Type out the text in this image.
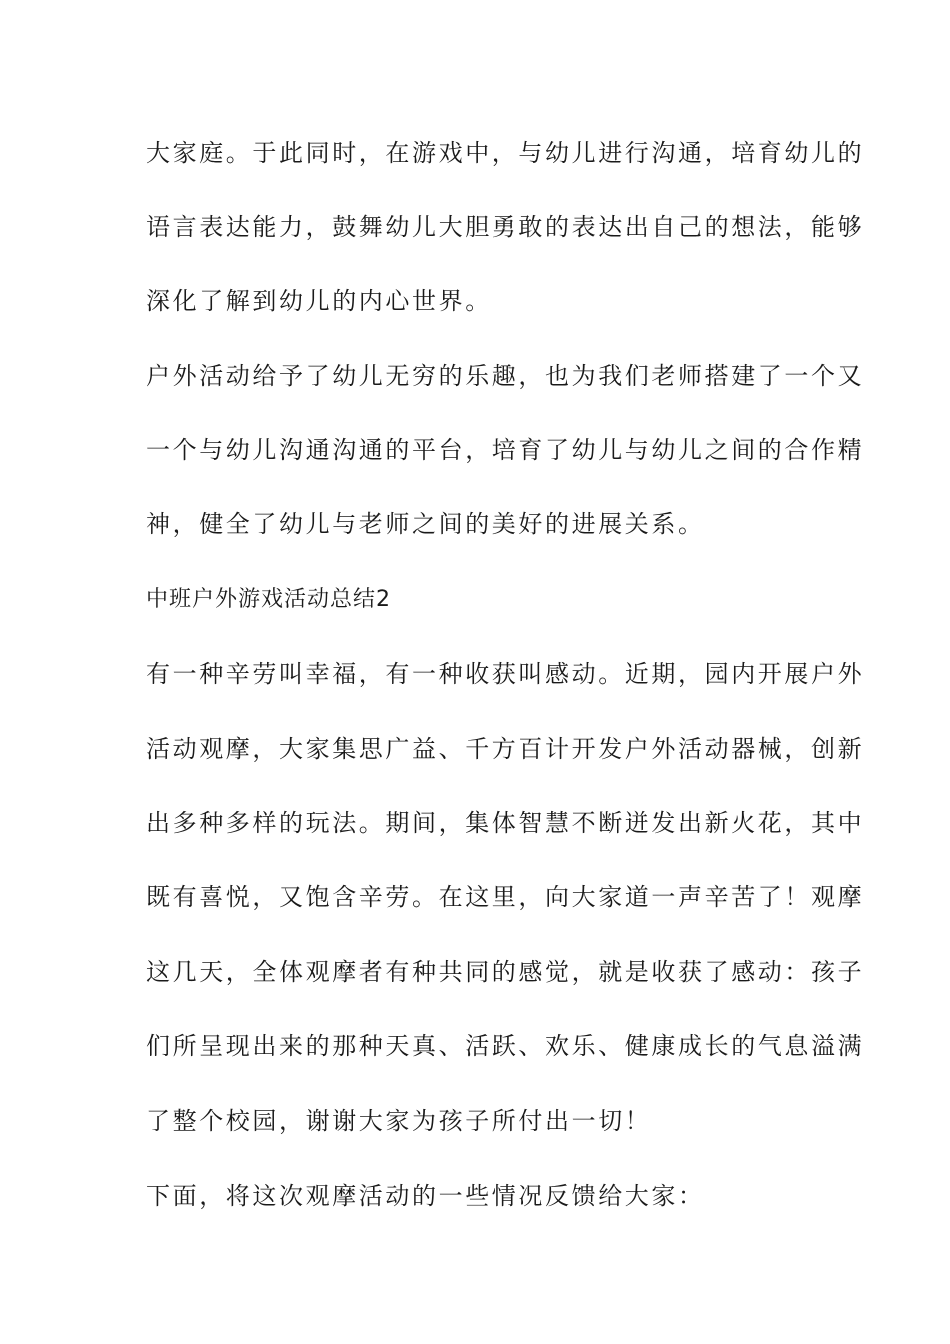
大家庭。于此同时，在游戏中，与幼儿进行沟通，培育幼儿的
语言表达能力，鼓舞幼儿大胆勇敢的表达出自己的想法，能够
深化了解到幼儿的内心世界。
户外活动给予了幼儿无穷的乐趣，也为我们老师搭建了一个又
一个与幼儿沟通沟通的平台，培育了幼儿与幼儿之间的合作精
神，健全了幼儿与老师之间的美好的进展关系。
中班户外游戏活动总结2
有一种辛劳叫幸福，有一种收获叫感动。近期，园内开展户外
活动观摩，大家集思广益、千方百计开发户外活动器械，创新
出多种多样的玩法。期间，集体智慧不断迸发出新火花，其中
既有喜悦，又饱含辛劳。在这里，向大家道一声辛苦了！观摩
这几天，全体观摩者有种共同的感觉，就是收获了感动：孩子
们所呈现出来的那种天真、活跃、欢乐、健康成长的气息溢满
了整个校园，谢谢大家为孩子所付出一切！
下面，将这次观摩活动的一些情况反馈给大家：
